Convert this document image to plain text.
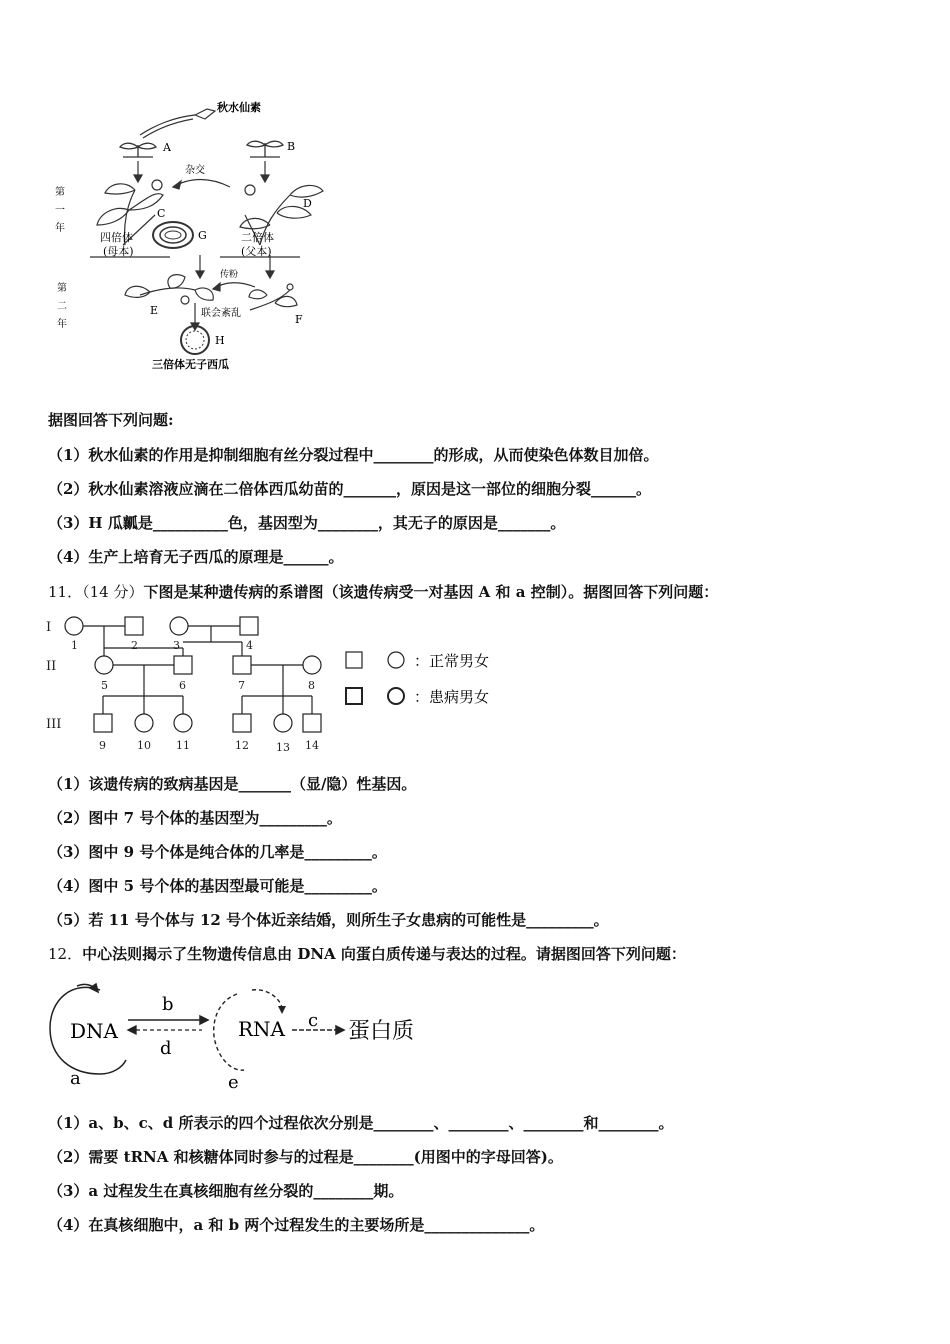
秋水仙素
A	B
杂交
C
四倍体
(母本)
G
D
二倍体
(父本)
第
一
年
第
二
年
E
传粉
F
联会紊乱
H
三倍体无子西瓜
据图回答下列问题:
（1）秋水仙素的作用是抑制细胞有丝分裂过程中________的形成，从而使染色体数目加倍。
（2）秋水仙素溶液应滴在二倍体西瓜幼苗的_______，原因是这一部位的细胞分裂______。
（3）H 瓜瓤是__________色，基因型为________，其无子的原因是_______。
（4）生产上培育无子西瓜的原理是______。
11．（14 分）下图是某种遗传病的系谱图（该遗传病受一对基因 A 和 a 控制）。据图回答下列问题：
I
II
III
1	2	3	4
5	6	7	8
9	10 11	12 13 14
：正常男女
：患病男女
（1）该遗传病的致病基因是_______（显/隐）性基因。
（2）图中 7 号个体的基因型为_________。
（3）图中 9 号个体是纯合体的几率是_________。
（4）图中 5 号个体的基因型最可能是_________。
（5）若 11 号个体与 12 号个体近亲结婚，则所生子女患病的可能性是_________。
12．中心法则揭示了生物遗传信息由 DNA 向蛋白质传递与表达的过程。请据图回答下列问题：
DNA
a
b
d
RNA
e
c 蛋白质
（1）a、b、c、d 所表示的四个过程依次分别是________、________、________和________。
（2）需要 tRNA 和核糖体同时参与的过程是________(用图中的字母回答)。
（3）a 过程发生在真核细胞有丝分裂的________期。
（4）在真核细胞中，a 和 b 两个过程发生的主要场所是______________。
